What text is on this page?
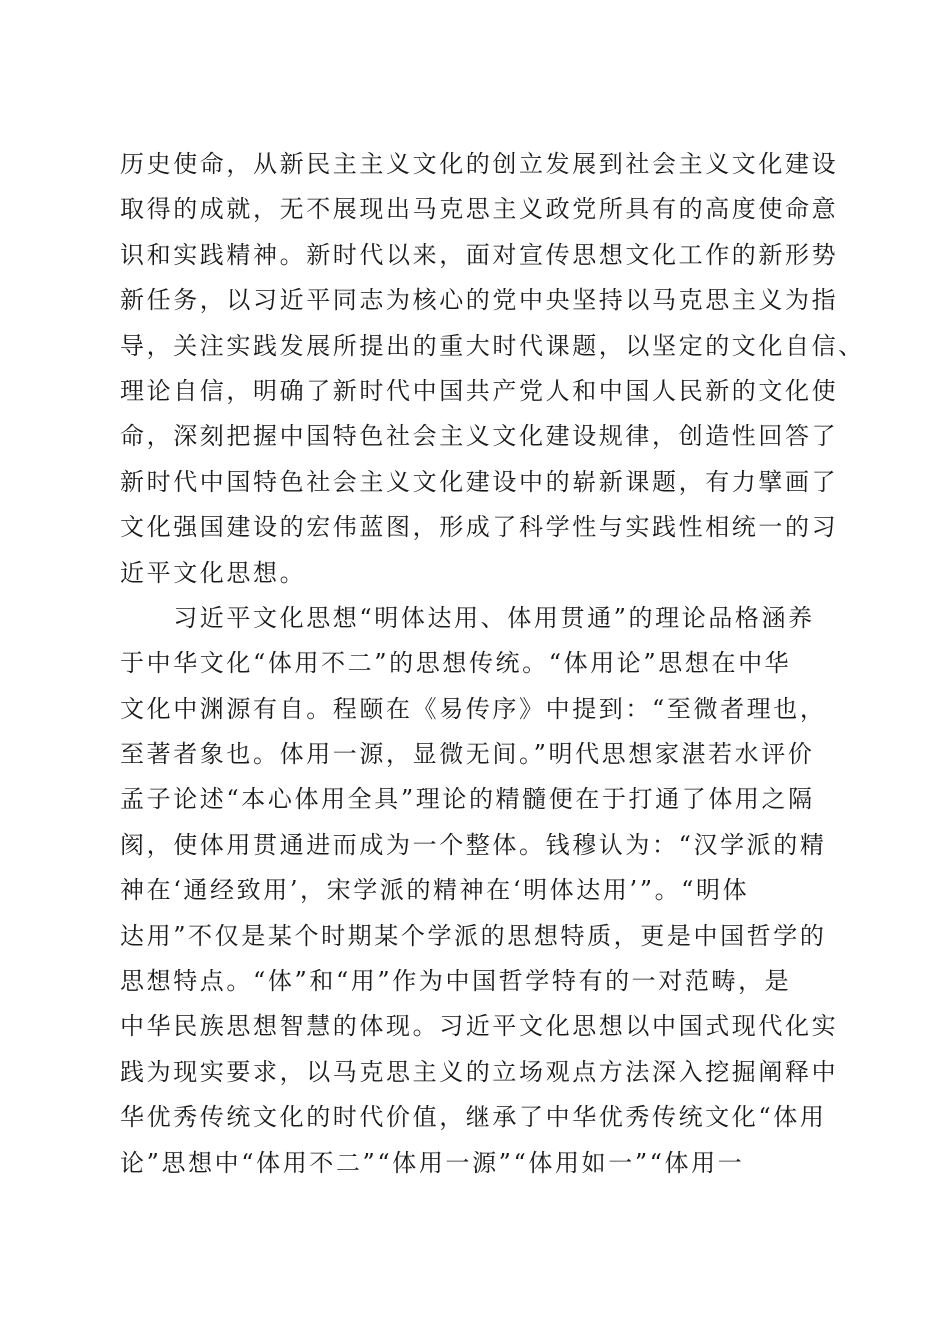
历史使命，从新民主主义文化的创立发展到社会主义文化建设
取得的成就，无不展现出马克思主义政党所具有的高度使命意
识和实践精神。新时代以来，面对宣传思想文化工作的新形势
新任务，以习近平同志为核心的党中央坚持以马克思主义为指
导，关注实践发展所提出的重大时代课题，以坚定的文化自信、
理论自信，明确了新时代中国共产党人和中国人民新的文化使
命，深刻把握中国特色社会主义文化建设规律，创造性回答了
新时代中国特色社会主义文化建设中的崭新课题，有力擘画了
文化强国建设的宏伟蓝图，形成了科学性与实践性相统一的习
近平文化思想。
　　习近平文化思想“明体达用、体用贯通”的理论品格涵养
于中华文化“体用不二”的思想传统。“体用论”思想在中华
文化中渊源有自。程颐在《易传序》中提到：“至微者理也，
至著者象也。体用一源，显微无间。”明代思想家湛若水评价
孟子论述“本心体用全具”理论的精髓便在于打通了体用之隔
阂，使体用贯通进而成为一个整体。钱穆认为：“汉学派的精
神在‘通经致用’，宋学派的精神在‘明体达用’”。“明体
达用”不仅是某个时期某个学派的思想特质，更是中国哲学的
思想特点。“体”和“用”作为中国哲学特有的一对范畴，是
中华民族思想智慧的体现。习近平文化思想以中国式现代化实
践为现实要求，以马克思主义的立场观点方法深入挖掘阐释中
华优秀传统文化的时代价值，继承了中华优秀传统文化“体用
论”思想中“体用不二”“体用一源”“体用如一”“体用一
